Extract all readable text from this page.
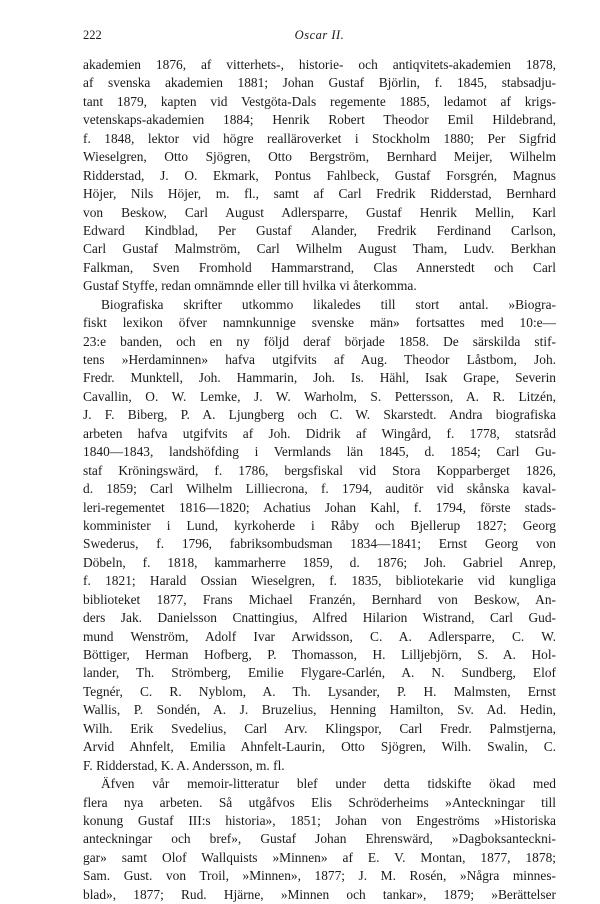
222	Oscar II.
akademien 1876, af vitterhets-, historie- och antiqvitets-akademien 1878,
af svenska akademien 1881; Johan Gustaf Björlin, f. 1845, stabsadju-
tant 1879, kapten vid Vestgöta-Dals regemente 1885, ledamot af krigs-
vetenskaps-akademien 1884; Henrik Robert Theodor Emil Hildebrand,
f. 1848, lektor vid högre realläroverket i Stockholm 1880; Per Sigfrid
Wieselgren, Otto Sjögren, Otto Bergström, Bernhard Meijer, Wilhelm
Ridderstad, J. O. Ekmark, Pontus Fahlbeck, Gustaf Forsgrén, Magnus
Höjer, Nils Höjer, m. fl., samt af Carl Fredrik Ridderstad, Bernhard
von Beskow, Carl August Adlersparre, Gustaf Henrik Mellin, Karl
Edward Kindblad, Per Gustaf Alander, Fredrik Ferdinand Carlson,
Carl Gustaf Malmström, Carl Wilhelm August Tham, Ludv. Berkhan
Falkman, Sven Fromhold Hammarstrand, Clas Annerstedt och Carl
Gustaf Styffe, redan omnämnde eller till hvilka vi återkomma.
Biografiska skrifter utkommo likaledes till stort antal. »Biogra-
fiskt lexikon öfver namnkunnige svenske män» fortsattes med 10:e—
23:e banden, och en ny följd deraf började 1858. De särskilda stif-
tens »Herdaminnen» hafva utgifvits af Aug. Theodor Låstbom, Joh.
Fredr. Munktell, Joh. Hammarin, Joh. Is. Hähl, Isak Grape, Severin
Cavallin, O. W. Lemke, J. W. Warholm, S. Pettersson, A. R. Litzén,
J. F. Biberg, P. A. Ljungberg och C. W. Skarstedt. Andra biografiska
arbeten hafva utgifvits af Joh. Didrik af Wingård, f. 1778, statsråd
1840—1843, landshöfding i Vermlands län 1845, d. 1854; Carl Gu-
staf Kröningswärd, f. 1786, bergsfiskal vid Stora Kopparberget 1826,
d. 1859; Carl Wilhelm Lilliecrona, f. 1794, auditör vid skånska kaval-
leri-regementet 1816—1820; Achatius Johan Kahl, f. 1794, förste stads-
komminister i Lund, kyrkoherde i Råby och Bjellerup 1827; Georg
Swederus, f. 1796, fabriksombudsman 1834—1841; Ernst Georg von
Döbeln, f. 1818, kammarherre 1859, d. 1876; Joh. Gabriel Anrep,
f. 1821; Harald Ossian Wieselgren, f. 1835, bibliotekarie vid kungliga
biblioteket 1877, Frans Michael Franzén, Bernhard von Beskow, An-
ders Jak. Danielsson Cnattingius, Alfred Hilarion Wistrand, Carl Gud-
mund Wenström, Adolf Ivar Arwidsson, C. A. Adlersparre, C. W.
Böttiger, Herman Hofberg, P. Thomasson, H. Lilljebjörn, S. A. Hol-
lander, Th. Strömberg, Emilie Flygare-Carlén, A. N. Sundberg, Elof
Tegnér, C. R. Nyblom, A. Th. Lysander, P. H. Malmsten, Ernst
Wallis, P. Sondén, A. J. Bruzelius, Henning Hamilton, Sv. Ad. Hedin,
Wilh. Erik Svedelius, Carl Arv. Klingspor, Carl Fredr. Palmstjerna,
Arvid Ahnfelt, Emilia Ahnfelt-Laurin, Otto Sjögren, Wilh. Swalin, C.
F. Ridderstad, K. A. Andersson, m. fl.
Äfven vår memoir-litteratur blef under detta tidskifte ökad med
flera nya arbeten. Så utgåfvos Elis Schröderheims »Anteckningar till
konung Gustaf III:s historia», 1851; Johan von Engeströms »Historiska
anteckningar och bref», Gustaf Johan Ehrenswärd, »Dagboksanteckni-
gar» samt Olof Wallquists »Minnen» af E. V. Montan, 1877, 1878;
Sam. Gust. von Troil, »Minnen», 1877; J. M. Rosén, »Några minnes-
blad», 1877; Rud. Hjärne, »Minnen och tankar», 1879; »Berättelser
